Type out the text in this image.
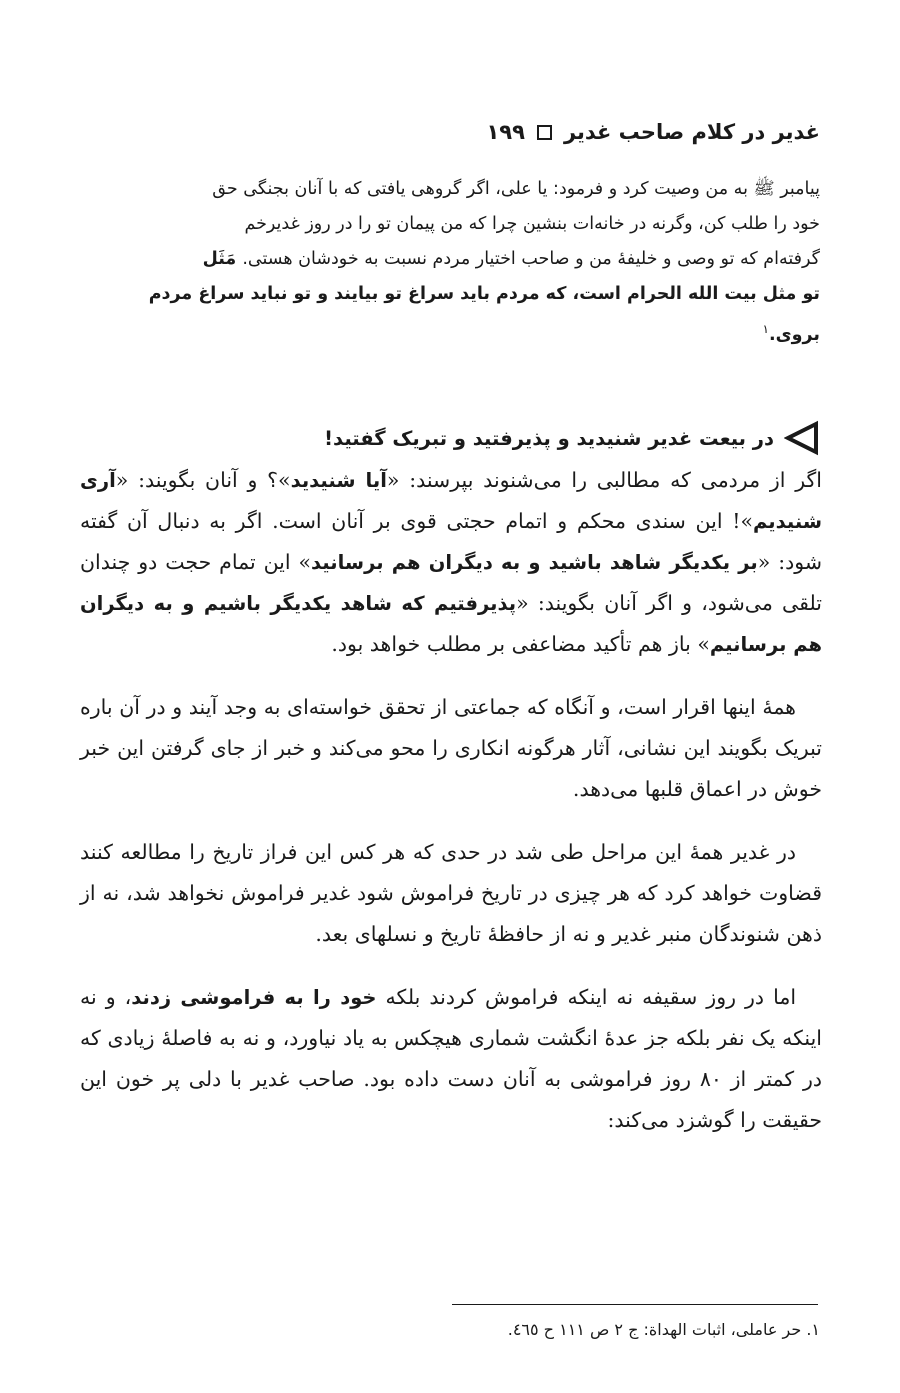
غدیر در کلام صاحب غدیر
۱۹۹

پیامبر ﷺ به من وصیت کرد و فرمود: یا علی، اگر گروهی یافتی که با آنان بجنگی حق

خود را طلب کن، وگرنه در خانه‌ات بنشین چرا که من پیمان تو را در روز غدیرخم

گرفته‌ام که تو وصی و خلیفهٔ من و صاحب اختیار مردم نسبت به خودشان هستی. مَثَل

تو مثل بیت الله الحرام است، که مردم باید سراغ تو بیایند و تو نباید سراغ مردم

بروی.$^۱$

در بیعت غدیر شنیدید و پذیرفتید و تبریک گفتید!

اگر از مردمی که مطالبی را می‌شنوند بپرسند: «آیا شنیدید»؟ و آنان بگویند: «آری شنیدیم»! این سندی محکم و اتمام حجتی قوی بر آنان است. اگر به دنبال آن گفته شود: «بر یکدیگر شاهد باشید و به دیگران هم برسانید» این تمام حجت دو چندان تلقی می‌شود، و اگر آنان بگویند: «پذیرفتیم که شاهد یکدیگر باشیم و به دیگران هم برسانیم» باز هم تأکید مضاعفی بر مطلب خواهد بود.

همهٔ اینها اقرار است، و آنگاه که جماعتی از تحقق خواسته‌ای به وجد آیند و در آن باره تبریک بگویند این نشانی، آثار هرگونه انکاری را محو می‌کند و خبر از جای گرفتن این خبر خوش در اعماق قلبها می‌دهد.

در غدیر همهٔ این مراحل طی شد در حدی که هر کس این فراز تاریخ را مطالعه کنند قضاوت خواهد کرد که هر چیزی در تاریخ فراموش شود غدیر فراموش نخواهد شد، نه از ذهن شنوندگان منبر غدیر و نه از حافظهٔ تاریخ و نسلهای بعد.

اما در روز سقیفه نه اینکه فراموش کردند بلکه خود را به فراموشی زدند، و نه اینکه یک نفر بلکه جز عدهٔ انگشت شماری هیچکس به یاد نیاورد، و نه به فاصلهٔ زیادی که در کمتر از ۸۰ روز فراموشی به آنان دست داده بود. صاحب غدیر با دلی پر خون این حقیقت را گوشزد می‌کند:

۱. حر عاملی، اثبات الهداة: ج ۲ ص ۱۱۱ ح ٤٦٥.
